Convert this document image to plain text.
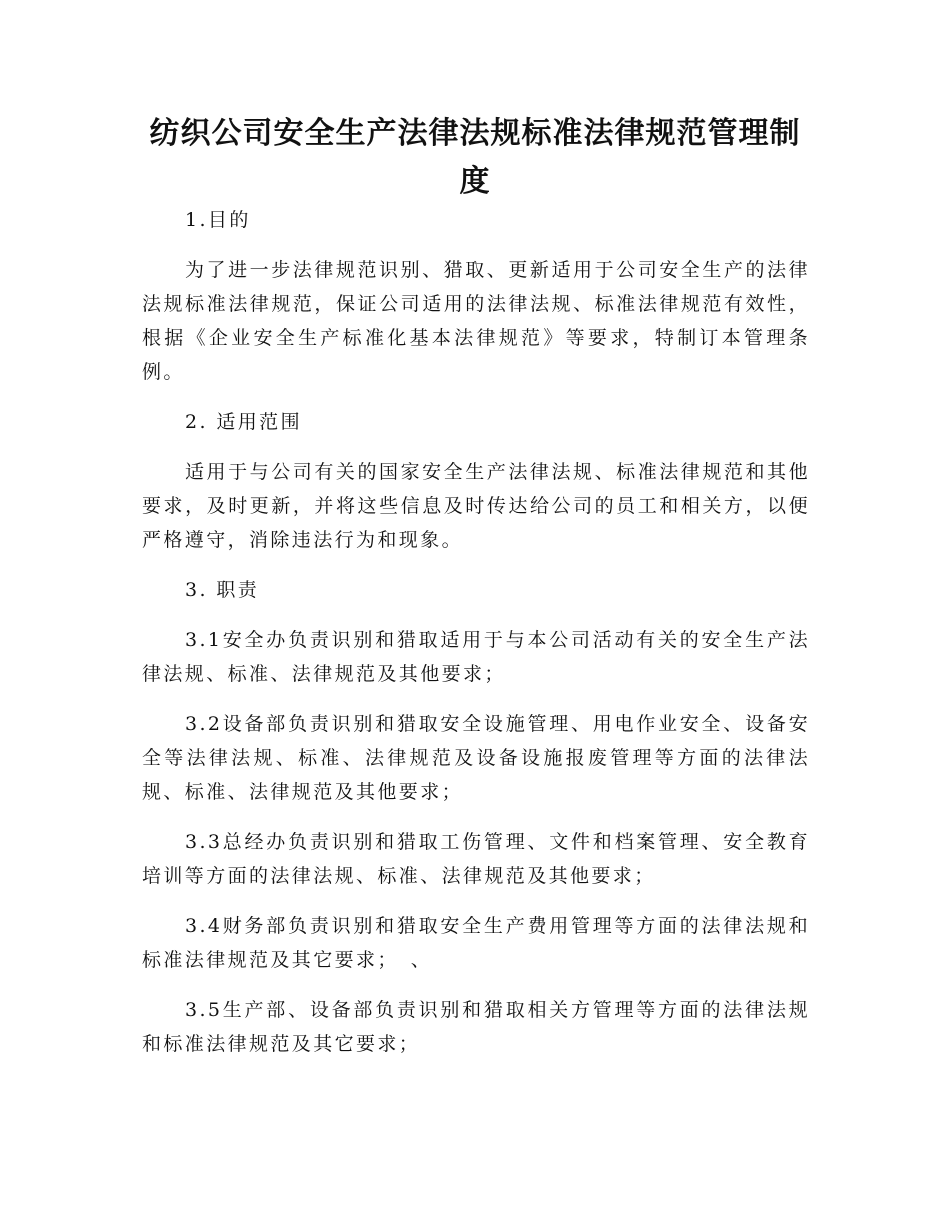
纺织公司安全生产法律法规标准法律规范管理制度

1.目的

为了进一步法律规范识别、猎取、更新适用于公司安全生产的法律法规标准法律规范，保证公司适用的法律法规、标准法律规范有效性，根据《企业安全生产标准化基本法律规范》等要求，特制订本管理条例。

2. 适用范围

适用于与公司有关的国家安全生产法律法规、标准法律规范和其他要求，及时更新，并将这些信息及时传达给公司的员工和相关方，以便严格遵守，消除违法行为和现象。

3. 职责

3.1安全办负责识别和猎取适用于与本公司活动有关的安全生产法律法规、标准、法律规范及其他要求；

3.2设备部负责识别和猎取安全设施管理、用电作业安全、设备安全等法律法规、标准、法律规范及设备设施报废管理等方面的法律法规、标准、法律规范及其他要求；

3.3总经办负责识别和猎取工伤管理、文件和档案管理、安全教育培训等方面的法律法规、标准、法律规范及其他要求；

3.4财务部负责识别和猎取安全生产费用管理等方面的法律法规和标准法律规范及其它要求；　、

3.5生产部、设备部负责识别和猎取相关方管理等方面的法律法规和标准法律规范及其它要求；
